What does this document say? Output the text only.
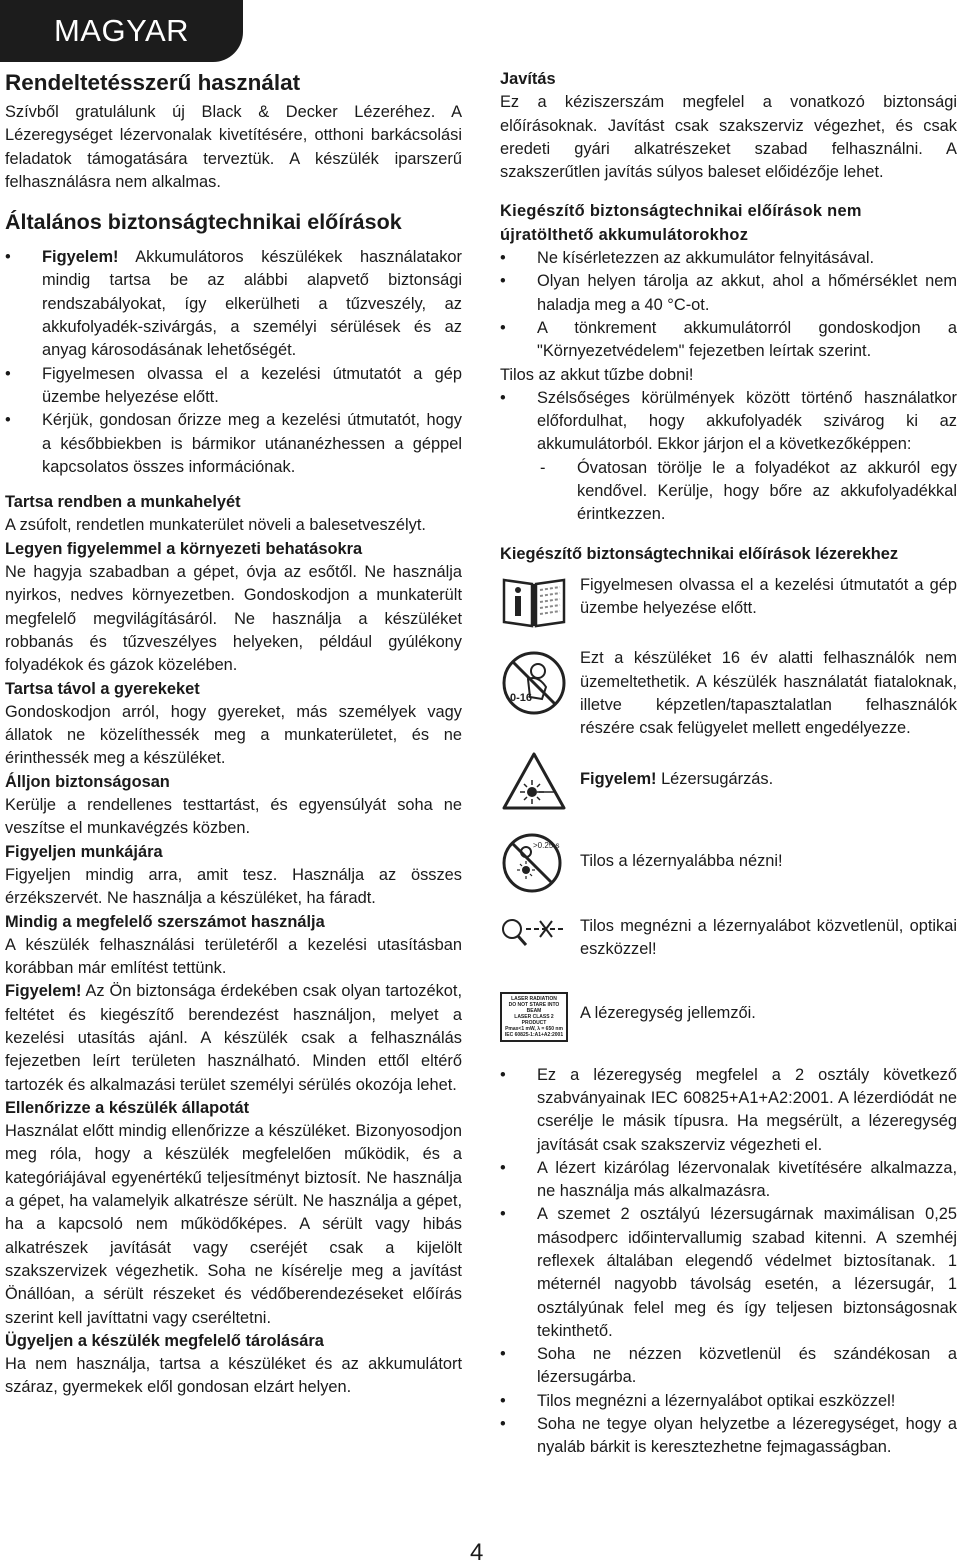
MAGYAR
Rendeltetésszerű használat

Szívből gratulálunk új Black & Decker Lézeréhez. A Lézeregységet lézervonalak kivetítésére, otthoni barkácsolási feladatok támogatására terveztük. A készülék iparszerű felhasználásra nem alkalmas.

Általános biztonságtechnikai előírások
• Figyelem! Akkumulátoros készülékek használatakor mindig tartsa be az alábbi alapvető biztonsági rendszabályokat, így elkerülheti a tűzveszély, az akkufolyadék-szivárgás, a személyi sérülések és az anyag károsodásának lehetőségét.
• Figyelmesen olvassa el a kezelési útmutatót a gép üzembe helyezése előtt.
• Kérjük, gondosan őrizze meg a kezelési útmutatót, hogy a későbbiekben is bármikor utánanézhessen a géppel kapcsolatos összes információnak.
Tartsa rendben a munkahelyét

A zsúfolt, rendetlen munkaterület növeli a balesetveszélyt.

Legyen figyelemmel a környezeti behatásokra

Ne hagyja szabadban a gépet, óvja az esőtől. Ne használja nyirkos, nedves környezetben. Gondoskodjon a munkaterült megfelelő megvilágításáról. Ne használja a készüléket robbanás és tűzveszélyes helyeken, például gyúlékony folyadékok és gázok közelében.

Tartsa távol a gyerekeket

Gondoskodjon arról, hogy gyereket, más személyek vagy állatok ne közelíthessék meg a munkaterületet, és ne érinthessék meg a készüléket.

Álljon biztonságosan

Kerülje a rendellenes testtartást, és egyensúlyát soha ne veszítse el munkavégzés közben.

Figyeljen munkájára

Figyeljen mindig arra, amit tesz. Használja az összes érzékszervét. Ne használja a készüléket, ha fáradt.

Mindig a megfelelő szerszámot használja

A készülék felhasználási területéről a kezelési utasításban korábban már említést tettünk.

Figyelem! Az Ön biztonsága érdekében csak olyan tartozékot, feltétet és kiegészítő berendezést használjon, melyet a kezelési utasítás ajánl. A készülék csak a felhasználás fejezetben leírt területen használható. Minden ettől eltérő tartozék és alkalmazási terület személyi sérülés okozója lehet.

Ellenőrizze a készülék állapotát

Használat előtt mindig ellenőrizze a készüléket. Bizonyosodjon meg róla, hogy a készülék megfelelően működik, és a kategóriájával egyenértékű teljesítményt biztosít. Ne használja a gépet, ha valamelyik alkatrésze sérült. Ne használja a gépet, ha a kapcsoló nem működőképes. A sérült vagy hibás alkatrészek javítását vagy cseréjét csak a kijelölt szakszervizek végezhetik. Soha ne kísérelje meg a javítást Önállóan, a sérült részeket és védőberendezéseket előírás szerint kell javíttatni vagy cseréltetni.

Ügyeljen a készülék megfelelő tárolására

Ha nem használja, tartsa a készüléket és az akkumulátort száraz, gyermekek elől gondosan elzárt helyen.

Javítás

Ez a kéziszerszám megfelel a vonatkozó biztonsági előírásoknak. Javítást csak szakszerviz végezhet, és csak eredeti gyári alkatrészeket szabad felhasználni. A szakszerűtlen javítás súlyos baleset előidézője lehet.

Kiegészítő biztonságtechnikai előírások nem újratölthető akkumulátorokhoz
• Ne kísérletezzen az akkumulátor felnyitásával.
• Olyan helyen tárolja az akkut, ahol a hőmérséklet nem haladja meg a 40 °C-ot.
• A tönkrement akkumulátorról gondoskodjon a "Környezetvédelem" fejezetben leírtak szerint.

Tilos az akkut tűzbe dobni!

• Szélsőséges körülmények között történő használatkor előfordulhat, hogy akkufolyadék szivárog ki az akkumulátorból. Ekkor járjon el a következőképpen:
- Óvatosan törölje le a folyadékot az akkuról egy kendővel. Kerülje, hogy bőre az akkufolyadékkal érintkezzen.
Kiegészítő biztonságtechnikai előírások lézerekhez

Figyelmesen olvassa el a kezelési útmutatót a gép üzembe helyezése előtt.

0-16

Ezt a készüléket 16 év alatti felhasználók nem üzemeltethetik. A készülék használatát fiataloknak, illetve képzetlen/tapasztalatlan felhasználók részére csak felügyelet mellett engedélyezze.

Figyelem! Lézersugárzás.

>0.25 s

Tilos a lézernyalábba nézni!

Tilos megnézni a lézernyalábot közvetlenül, optikai eszközzel!

LASER RADIATION
DO NOT STARE INTO BEAM
LASER CLASS 2 PRODUCT
Pmax<1 mW, λ = 650 nm
IEC 60825-1:A1+A2:2001

A lézeregység jellemzői.

• Ez a lézeregység megfelel a 2 osztály következő szabványainak IEC 60825+A1+A2:2001. A lézerdiódát ne cserélje le másik típusra. Ha megsérült, a lézeregység javítását csak szakszerviz végezheti el.
• A lézert kizárólag lézervonalak kivetítésére alkalmazza, ne használja más alkalmazásra.
• A szemet 2 osztályú lézersugárnak maximálisan 0,25 másodperc időintervallumig szabad kitenni. A szemhéj reflexek általában elegendő védelmet biztosítanak. 1 méternél nagyobb távolság esetén, a lézersugár, 1 osztályúnak felel meg és így teljesen biztonságosnak tekinthető.
• Soha ne nézzen közvetlenül és szándékosan a lézersugárba.
• Tilos megnézni a lézernyalábot optikai eszközzel!
• Soha ne tegye olyan helyzetbe a lézeregységet, hogy a nyaláb bárkit is keresztezhetne fejmagasságban.
4
